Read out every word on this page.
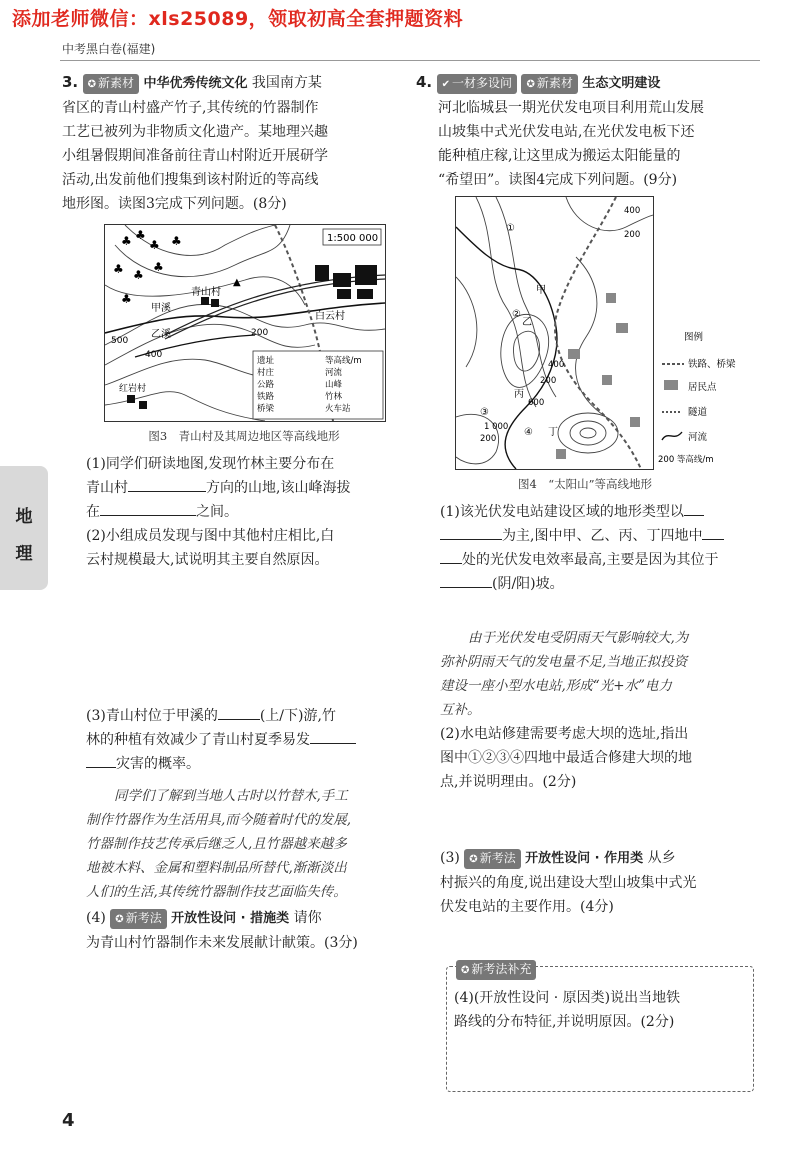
添加老师微信：xls25089，领取初高全套押题资料
中考黑白卷(福建)
地
理
3. ✪ 新素材 中华优秀传统文化 我国南方某
省区的青山村盛产竹子,其传统的竹器制作
工艺已被列为非物质文化遗产。某地理兴趣
小组暑假期间准备前往青山村附近开展研学
活动,出发前他们搜集到该村附近的等高线
地形图。读图3完成下列问题。(8分)
♣ ♣
♣
♣ ♣
♣
♣
♣
▲
1:500 000
青山村
甲溪
乙溪
白云村
红岩村
500
400
200
遗址	等高线/m
村庄	河流
公路	山峰
铁路	竹林
桥梁	火车站
图3　青山村及其周边地区等高线地形
(1)同学们研读地图,发现竹林主要分布在
青山村	方向的山地,该山峰海拔
在	之间。
(2)小组成员发现与图中其他村庄相比,白
云村规模最大,试说明其主要自然原因。
(3)青山村位于甲溪的	(上/下)游,竹
林的种植有效减少了青山村夏季易发
灾害的概率。
同学们了解到当地人古时以竹替木,手工
制作竹器作为生活用具,而今随着时代的发展,
竹器制作技艺传承后继乏人,且竹器越来越多
地被木料、金属和塑料制品所替代,渐渐淡出
人们的生活,其传统竹器制作技艺面临失传。
(4) ✪ 新考法 开放性设问 · 措施类 请你
为青山村竹器制作未来发展献计献策。(3分)
4. ✔ 一材多设问 ✪ 新素材 生态文明建设
河北临城县一期光伏发电项目利用荒山发展
山坡集中式光伏发电站,在光伏发电板下还
能种植庄稼,让这里成为搬运太阳能量的
“希望田”。读图4完成下列问题。(9分)
400
200
①
甲
乙
②
丙
600
400
200
③
1 000
200
④ 丁
图例
铁路、桥梁
居民点
隧道
河流
200 等高线/m
图4　“太阳山”等高线地形
(1)该光伏发电站建设区域的地形类型以
为主,图中甲、乙、丙、丁四地中
处的光伏发电效率最高,主要是因为其位于
(阴/阳)坡。
由于光伏发电受阴雨天气影响较大,为
弥补阴雨天气的发电量不足,当地正拟投资
建设一座小型水电站,形成“光+水”电力
互补。
(2)水电站修建需要考虑大坝的选址,指出
图中①②③④四地中最适合修建大坝的地
点,并说明理由。(2分)
(3) ✪ 新考法 开放性设问 · 作用类 从乡
村振兴的角度,说出建设大型山坡集中式光
伏发电站的主要作用。(4分)
✪ 新考法补充
(4)(开放性设问 · 原因类)说出当地铁
路线的分布特征,并说明原因。(2分)
4
